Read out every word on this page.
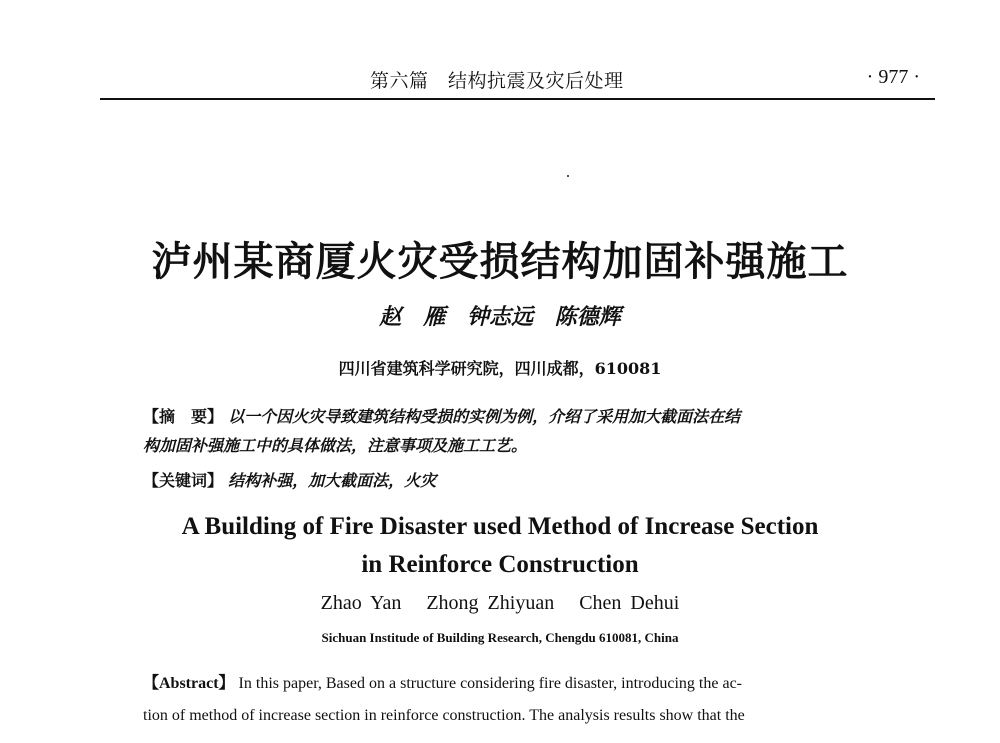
第六篇　结构抗震及灾后处理	· 977 ·
泸州某商厦火灾受损结构加固补强施工
赵　雁 钟志远 陈德辉
四川省建筑科学研究院，四川成都，610081
【摘　要】 以一个因火灾导致建筑结构受损的实例为例，介绍了采用加大截面法在结
构加固补强施工中的具体做法，注意事项及施工工艺。
【关键词】 结构补强，加大截面法，火灾
A Building of Fire Disaster used Method of Increase Section
in Reinforce Construction
Zhao Yan Zhong Zhiyuan Chen Dehui
Sichuan Institude of Building Research, Chengdu 610081, China
【Abstract】 In this paper, Based on a structure considering fire disaster, introducing the ac-
tion of method of increase section in reinforce construction. The analysis results show that the
